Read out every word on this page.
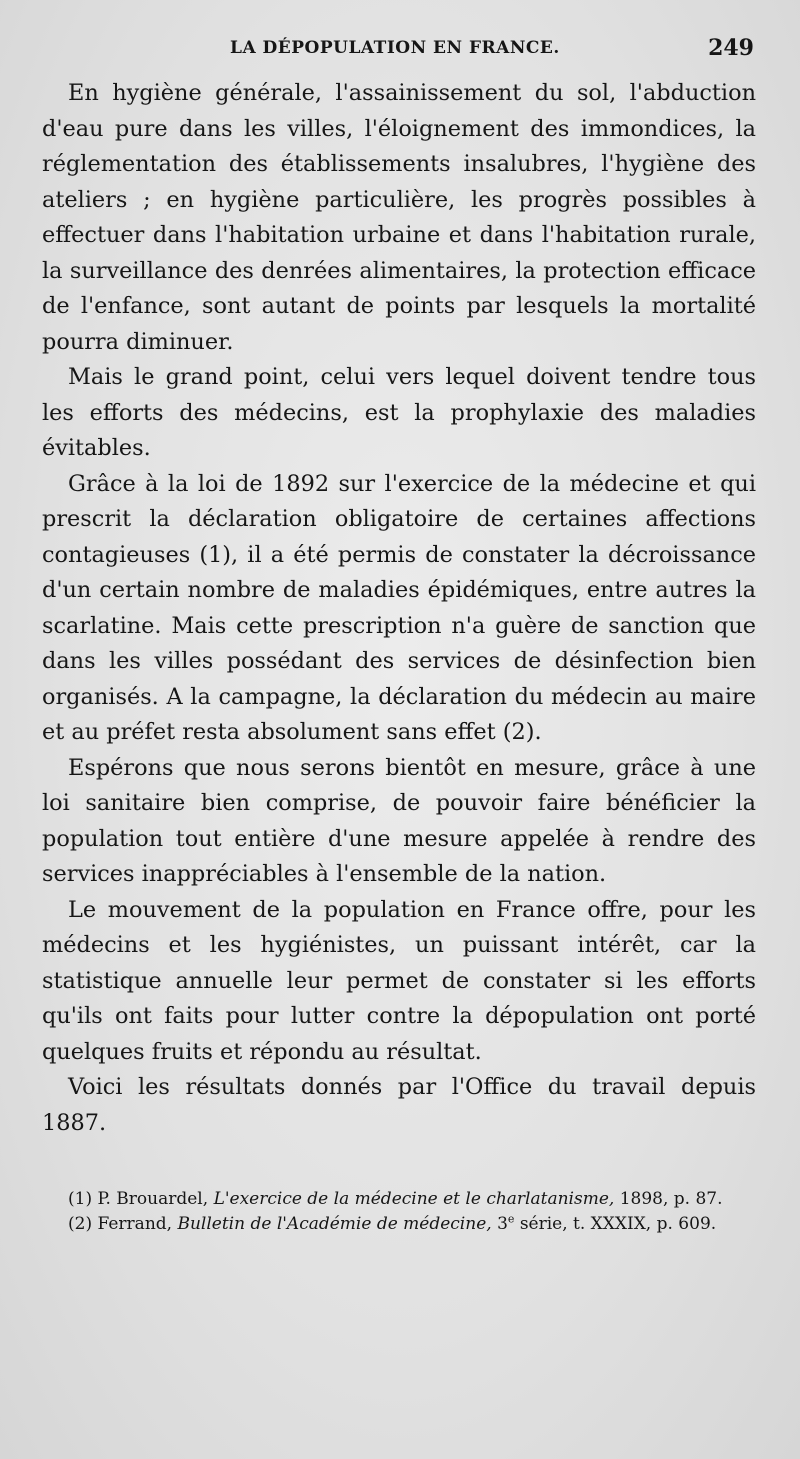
LA DÉPOPULATION EN FRANCE.	249

En hygiène générale, l'assainissement du sol, l'abduction d'eau pure dans les villes, l'éloignement des immondices, la réglementation des établissements insalubres, l'hygiène des ateliers ; en hygiène particulière, les progrès possibles à effectuer dans l'habitation urbaine et dans l'habitation rurale, la surveillance des denrées alimentaires, la protection efficace de l'enfance, sont autant de points par lesquels la mortalité pourra diminuer.

Mais le grand point, celui vers lequel doivent tendre tous les efforts des médecins, est la prophylaxie des maladies évitables.

Grâce à la loi de 1892 sur l'exercice de la médecine et qui prescrit la déclaration obligatoire de certaines affections contagieuses (1), il a été permis de constater la décroissance d'un certain nombre de maladies épidémiques, entre autres la scarlatine. Mais cette prescription n'a guère de sanction que dans les villes possédant des services de désinfection bien organisés. A la campagne, la déclaration du médecin au maire et au préfet resta absolument sans effet (2).

Espérons que nous serons bientôt en mesure, grâce à une loi sanitaire bien comprise, de pouvoir faire bénéficier la population tout entière d'une mesure appelée à rendre des services inappréciables à l'ensemble de la nation.

Le mouvement de la population en France offre, pour les médecins et les hygiénistes, un puissant intérêt, car la statistique annuelle leur permet de constater si les efforts qu'ils ont faits pour lutter contre la dépopulation ont porté quelques fruits et répondu au résultat.

Voici les résultats donnés par l'Office du travail depuis 1887.

(1) P. Brouardel, L'exercice de la médecine et le charlatanisme, 1898, p. 87.

(2) Ferrand, Bulletin de l'Académie de médecine, 3e série, t. XXXIX, p. 609.
